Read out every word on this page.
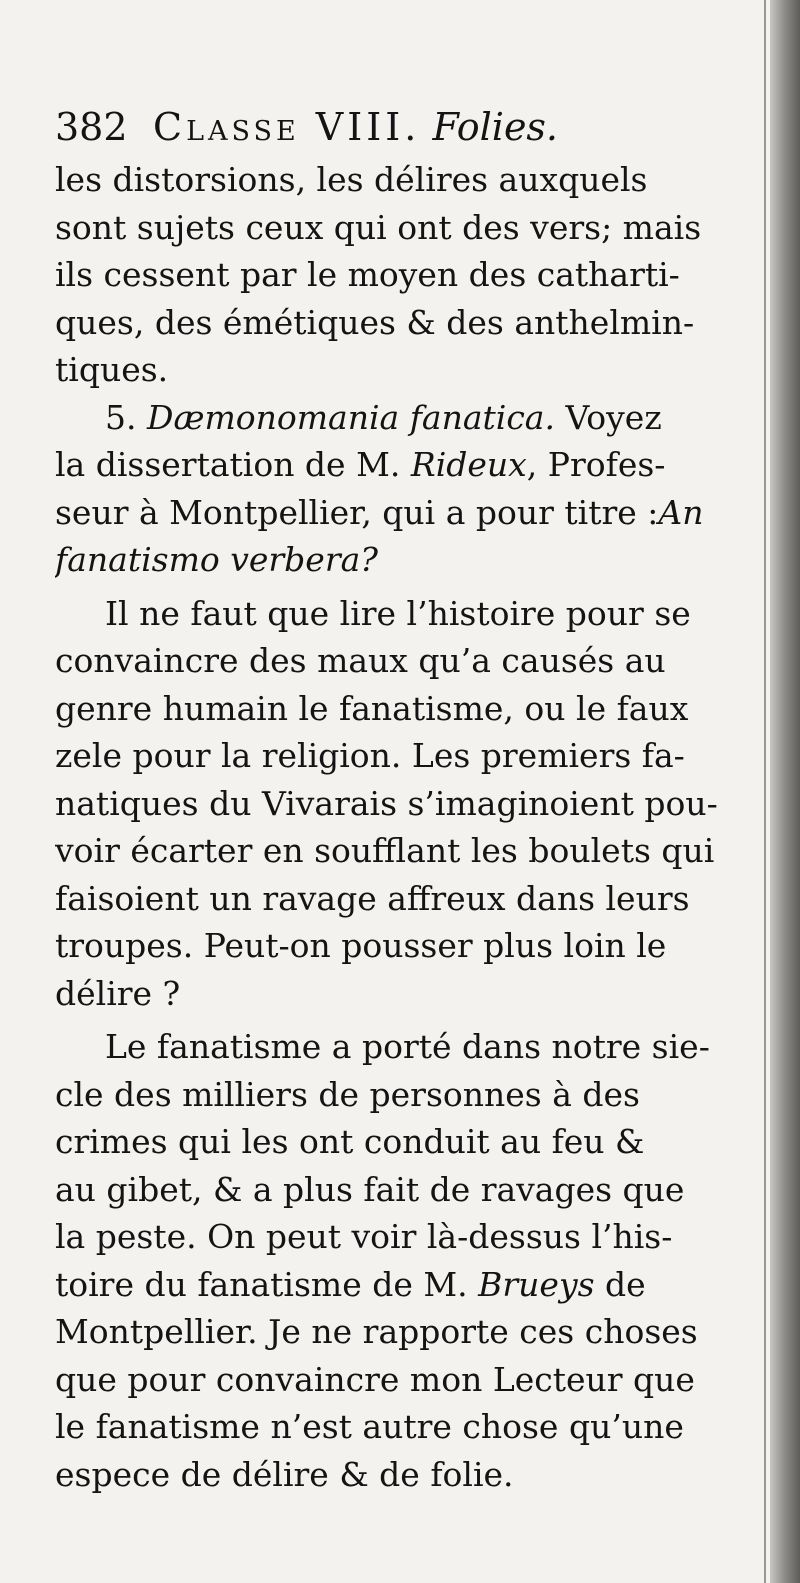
382 Classe VIII. Folies.
les distorsions, les délires auxquels
sont sujets ceux qui ont des vers; mais
ils cessent par le moyen des catharti-
ques, des émétiques & des anthelmin-
tiques.
5. Dæmonomania fanatica. Voyez
la dissertation de M. Rideux, Profes-
seur à Montpellier, qui a pour titre :An
fanatismo verbera?
Il ne faut que lire l’histoire pour se
convaincre des maux qu’a causés au
genre humain le fanatisme, ou le faux
zele pour la religion. Les premiers fa-
natiques du Vivarais s’imaginoient pou-
voir écarter en soufflant les boulets qui
faisoient un ravage affreux dans leurs
troupes. Peut-on pousser plus loin le
délire ?
Le fanatisme a porté dans notre sie-
cle des milliers de personnes à des
crimes qui les ont conduit au feu &
au gibet, & a plus fait de ravages que
la peste. On peut voir là-dessus l’his-
toire du fanatisme de M. Brueys de
Montpellier. Je ne rapporte ces choses
que pour convaincre mon Lecteur que
le fanatisme n’est autre chose qu’une
espece de délire & de folie.
